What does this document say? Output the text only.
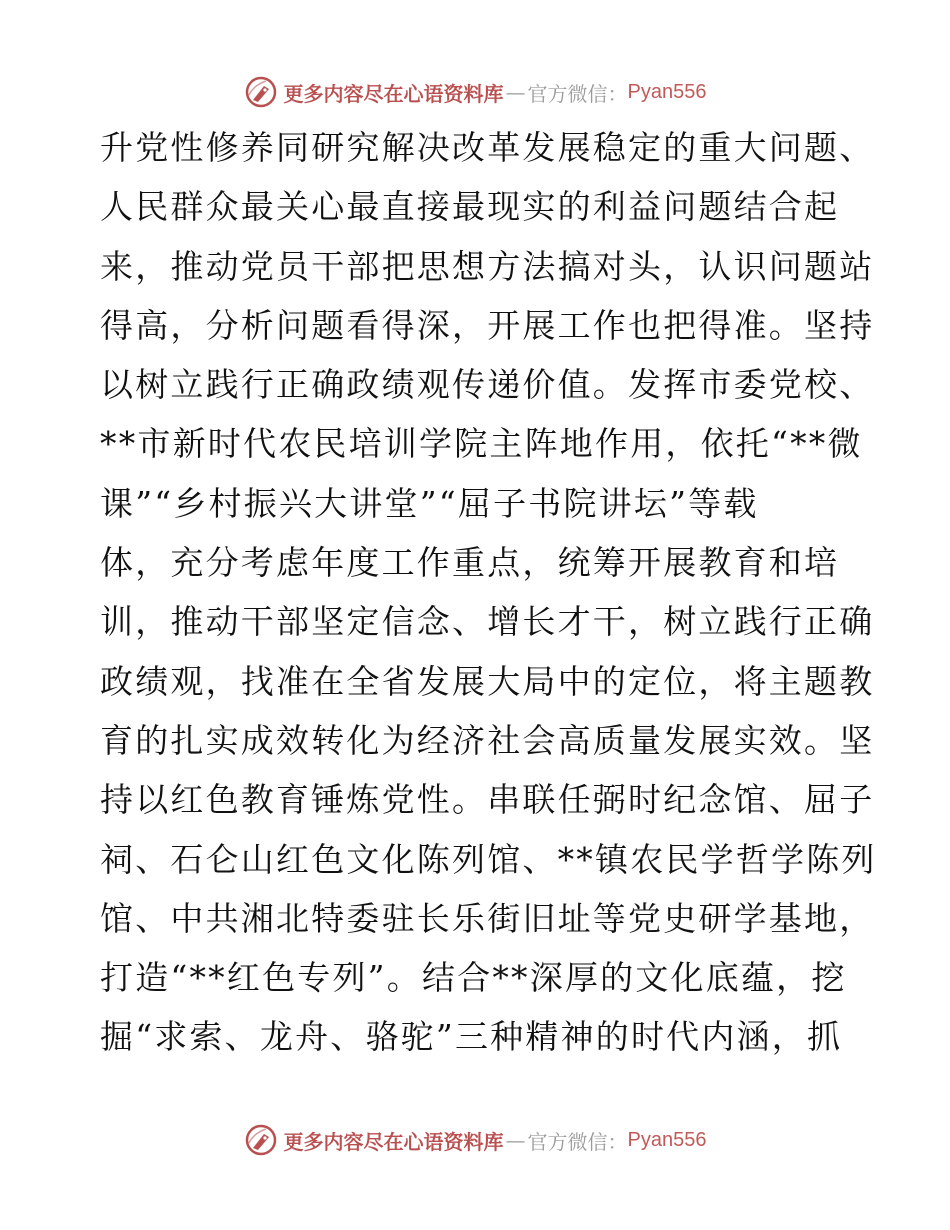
更多内容尽在心语资料库 — 官方微信： Pyan556
升党性修养同研究解决改革发展稳定的重大问题、
人民群众最关心最直接最现实的利益问题结合起
来，推动党员干部把思想方法搞对头，认识问题站
得高，分析问题看得深，开展工作也把得准。坚持
以树立践行正确政绩观传递价值。发挥市委党校、
**市新时代农民培训学院主阵地作用，依托“**微
课”“乡村振兴大讲堂”“屈子书院讲坛”等载
体，充分考虑年度工作重点，统筹开展教育和培
训，推动干部坚定信念、增长才干，树立践行正确
政绩观，找准在全省发展大局中的定位，将主题教
育的扎实成效转化为经济社会高质量发展实效。坚
持以红色教育锤炼党性。串联任弼时纪念馆、屈子
祠、石仑山红色文化陈列馆、**镇农民学哲学陈列
馆、中共湘北特委驻长乐街旧址等党史研学基地，
打造“**红色专列”。结合**深厚的文化底蕴，挖
掘“求索、龙舟、骆驼”三种精神的时代内涵，抓
更多内容尽在心语资料库 — 官方微信： Pyan556
